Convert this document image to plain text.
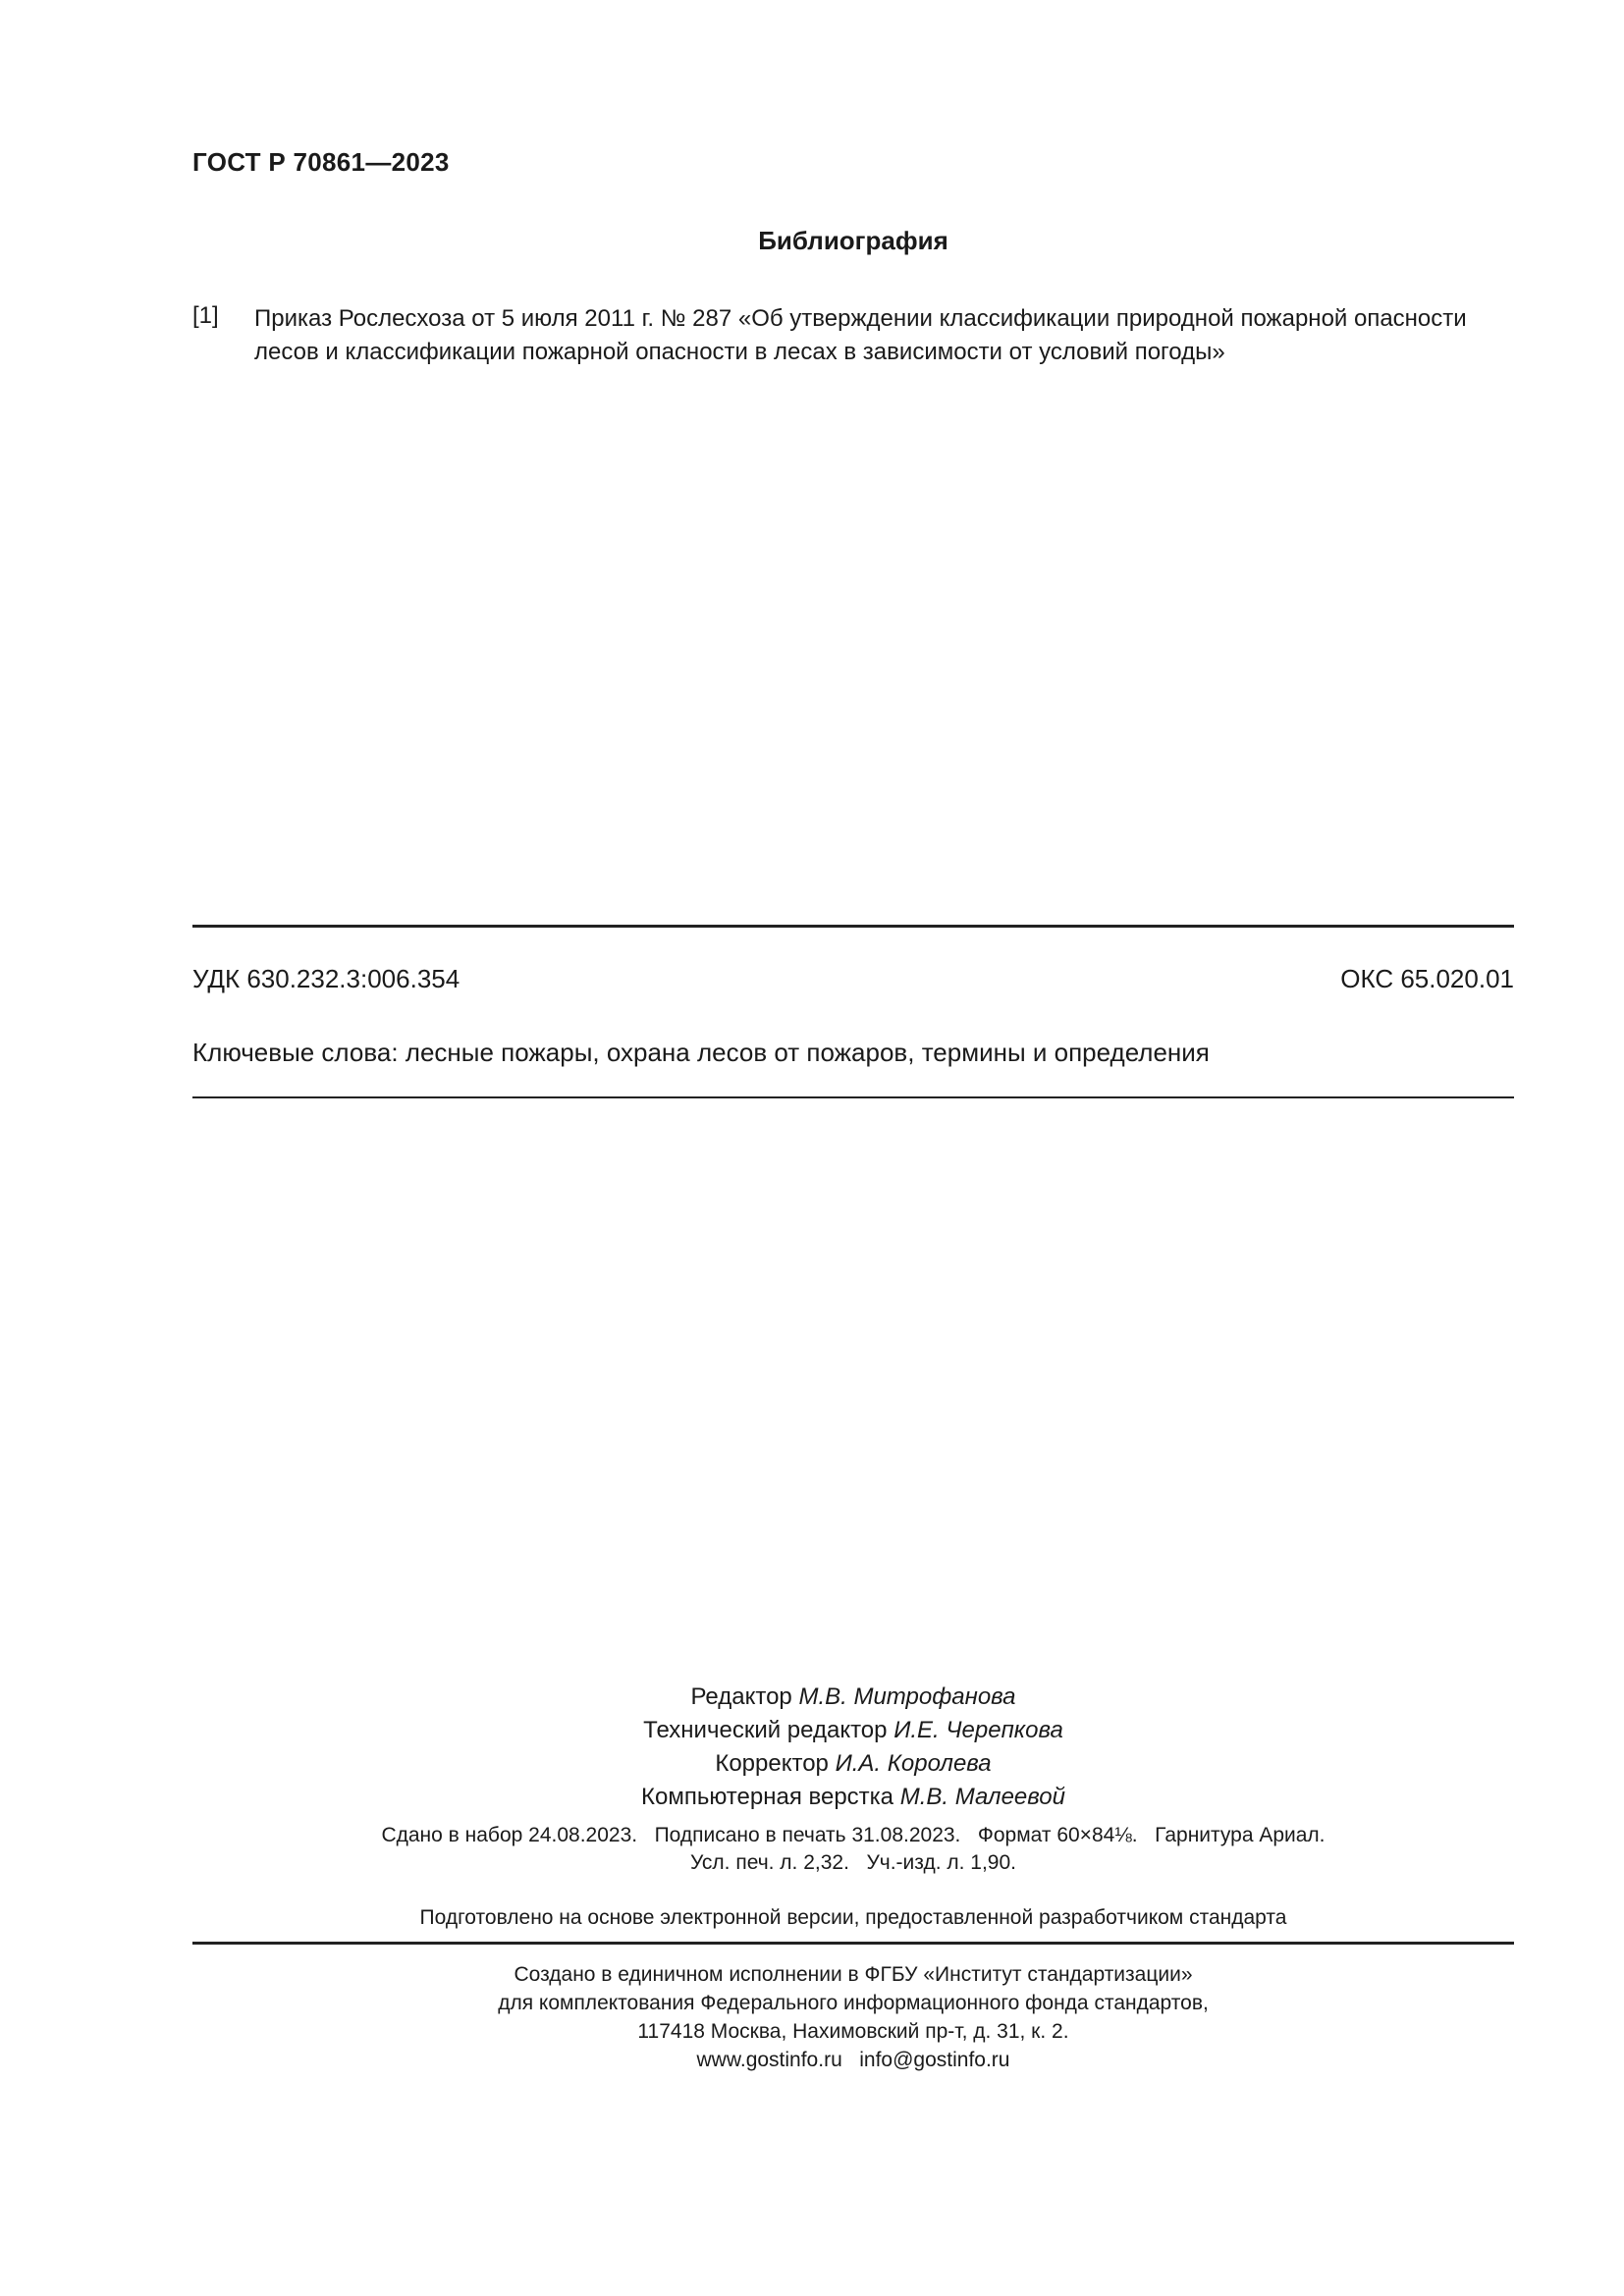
ГОСТ Р 70861—2023
Библиография
[1] Приказ Рослесхоза от 5 июля 2011 г. № 287 «Об утверждении классификации природной пожарной опасности лесов и классификации пожарной опасности в лесах в зависимости от условий погоды»
УДК 630.232.3:006.354	ОКС 65.020.01
Ключевые слова: лесные пожары, охрана лесов от пожаров, термины и определения
Редактор М.В. Митрофанова
Технический редактор И.Е. Черепкова
Корректор И.А. Королева
Компьютерная верстка М.В. Малеевой
Сдано в набор 24.08.2023.   Подписано в печать 31.08.2023.   Формат 60×84⅛.   Гарнитура Ариал.
Усл. печ. л. 2,32.   Уч.-изд. л. 1,90.
Подготовлено на основе электронной версии, предоставленной разработчиком стандарта
Создано в единичном исполнении в ФГБУ «Институт стандартизации»
для комплектования Федерального информационного фонда стандартов,
117418 Москва, Нахимовский пр-т, д. 31, к. 2.
www.gostinfo.ru   info@gostinfo.ru
